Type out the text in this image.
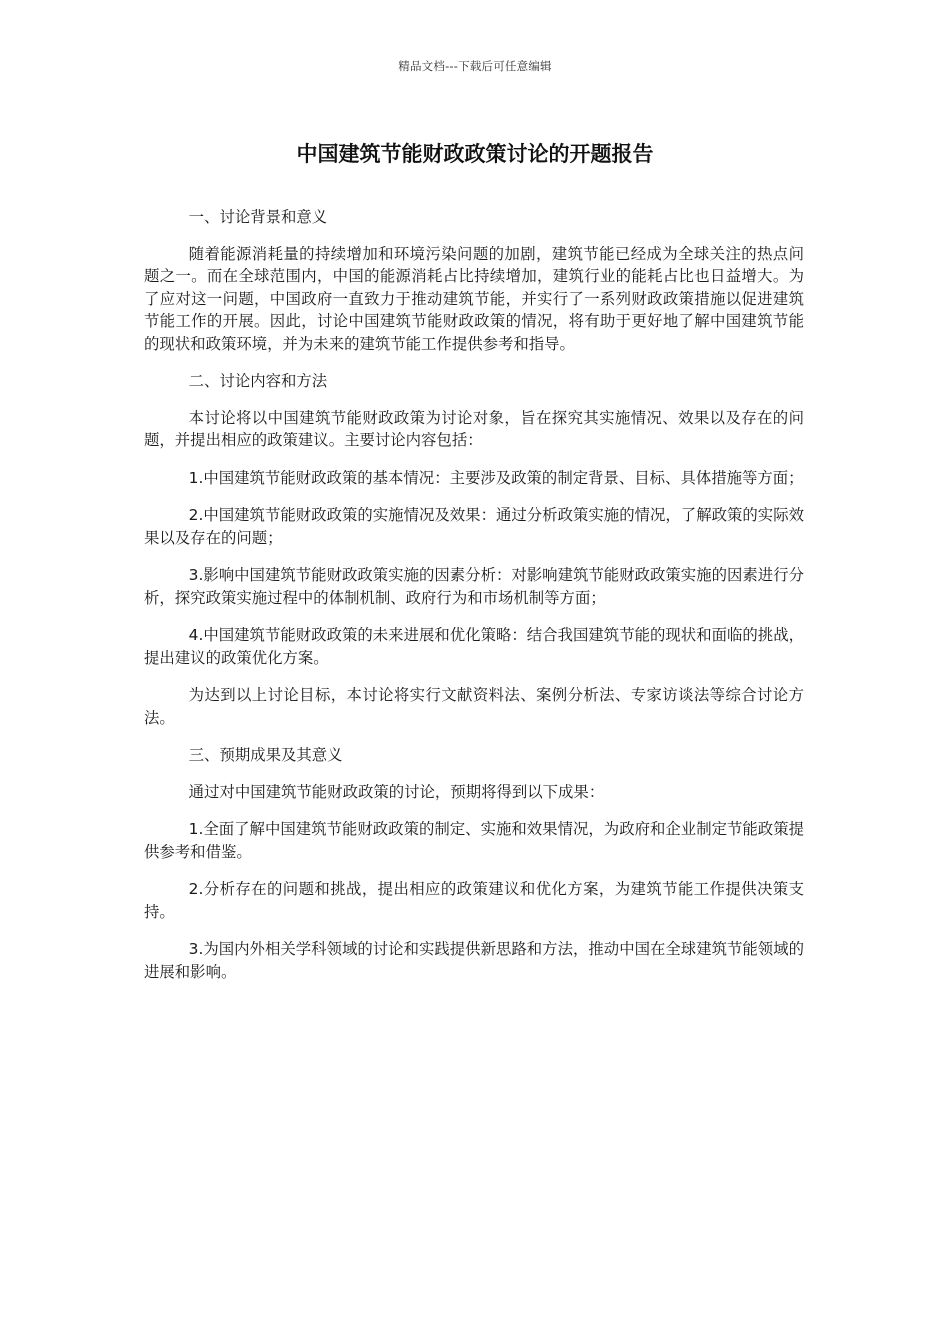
精品文档---下载后可任意编辑
中国建筑节能财政政策讨论的开题报告

一、讨论背景和意义

随着能源消耗量的持续增加和环境污染问题的加剧，建筑节能已经成为全球关注的热点问题之一。而在全球范围内，中国的能源消耗占比持续增加，建筑行业的能耗占比也日益增大。为了应对这一问题，中国政府一直致力于推动建筑节能，并实行了一系列财政政策措施以促进建筑节能工作的开展。因此，讨论中国建筑节能财政政策的情况，将有助于更好地了解中国建筑节能的现状和政策环境，并为未来的建筑节能工作提供参考和指导。

二、讨论内容和方法

本讨论将以中国建筑节能财政政策为讨论对象，旨在探究其实施情况、效果以及存在的问题，并提出相应的政策建议。主要讨论内容包括：

1.中国建筑节能财政政策的基本情况：主要涉及政策的制定背景、目标、具体措施等方面；

2.中国建筑节能财政政策的实施情况及效果：通过分析政策实施的情况，了解政策的实际效果以及存在的问题；

3.影响中国建筑节能财政政策实施的因素分析：对影响建筑节能财政政策实施的因素进行分析，探究政策实施过程中的体制机制、政府行为和市场机制等方面；

4.中国建筑节能财政政策的未来进展和优化策略：结合我国建筑节能的现状和面临的挑战，提出建议的政策优化方案。

为达到以上讨论目标，本讨论将实行文献资料法、案例分析法、专家访谈法等综合讨论方法。

三、预期成果及其意义

通过对中国建筑节能财政政策的讨论，预期将得到以下成果：

1.全面了解中国建筑节能财政政策的制定、实施和效果情况，为政府和企业制定节能政策提供参考和借鉴。

2.分析存在的问题和挑战，提出相应的政策建议和优化方案，为建筑节能工作提供决策支持。

3.为国内外相关学科领域的讨论和实践提供新思路和方法，推动中国在全球建筑节能领域的进展和影响。
